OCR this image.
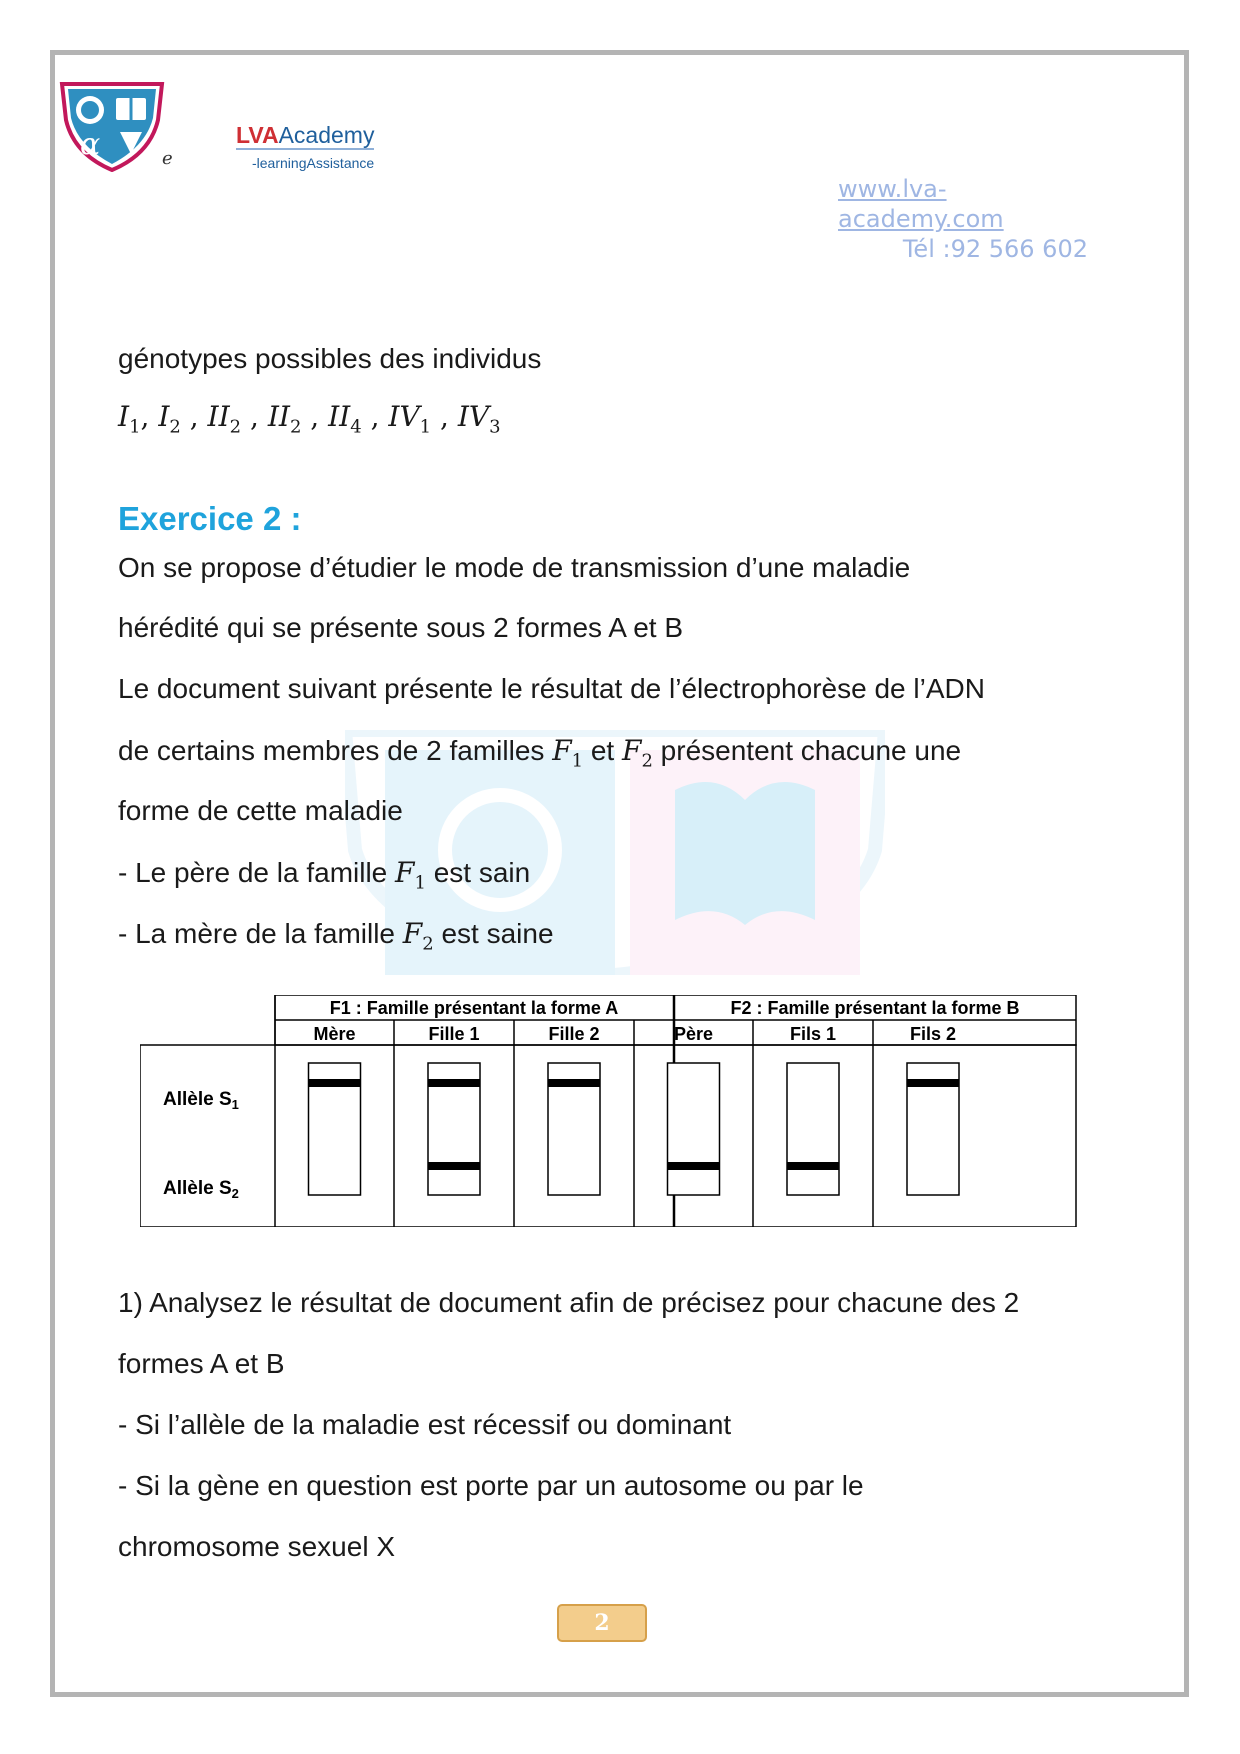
α	e
LVAAcademy
-learningAssistance
www.lva-academy.com
Tél :92 566 602
génotypes possibles des individus
$I_1$, $I_2$ , $II_2$ , $II_2$ , $II_4$ , $IV_1$ , $IV_3$
Exercice 2 :
On se propose d’étudier le mode de transmission d’une maladie
hérédité qui se présente sous 2 formes A et B
Le document suivant présente le résultat de l’électrophorèse de l’ADN
de certains membres de 2 familles $F_1$ et $F_2$ présentent chacune une
forme de cette maladie
- Le père de la famille $F_1$ est sain
- La mère de la famille $F_2$ est saine
F1 : Famille présentant la forme A	F2 : Famille présentant la forme B
Mère	Fille 1	Fille 2	Père	Fils 1	Fils 2
Allèle $S_1$
Allèle $S_2$
1) Analysez le résultat de document afin de précisez pour chacune des 2
formes A et B
- Si l’allèle de la maladie est récessif ou dominant
- Si la gène en question est porte par un autosome ou par le
chromosome sexuel X
2
